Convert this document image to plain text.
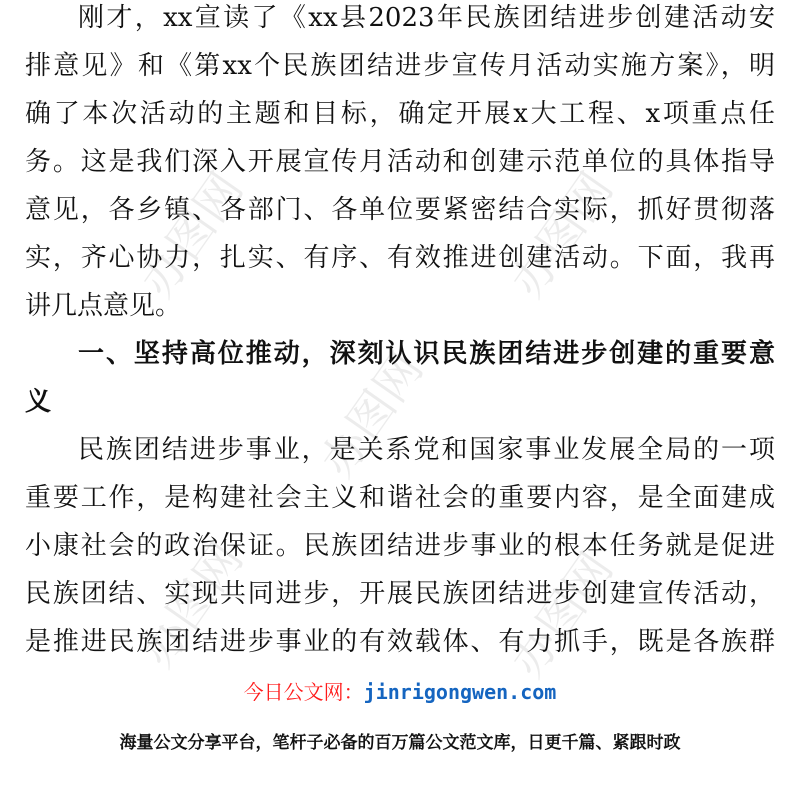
办图网	办图网
办图网
办图网	办图网
刚才，xx宣读了《xx县2023年民族团结进步创建活动安
排意见》和《第xx个民族团结进步宣传月活动实施方案》，明
确了本次活动的主题和目标，确定开展x大工程、x项重点任
务。这是我们深入开展宣传月活动和创建示范单位的具体指导
意见，各乡镇、各部门、各单位要紧密结合实际，抓好贯彻落
实，齐心协力，扎实、有序、有效推进创建活动。下面，我再
讲几点意见。
一、坚持高位推动，深刻认识民族团结进步创建的重要意
义
民族团结进步事业，是关系党和国家事业发展全局的一项
重要工作，是构建社会主义和谐社会的重要内容，是全面建成
小康社会的政治保证。民族团结进步事业的根本任务就是促进
民族团结、实现共同进步，开展民族团结进步创建宣传活动，
是推进民族团结进步事业的有效载体、有力抓手，既是各族群
今日公文网：jinrigongwen.com
海量公文分享平台，笔杆子必备的百万篇公文范文库，日更千篇、紧跟时政
